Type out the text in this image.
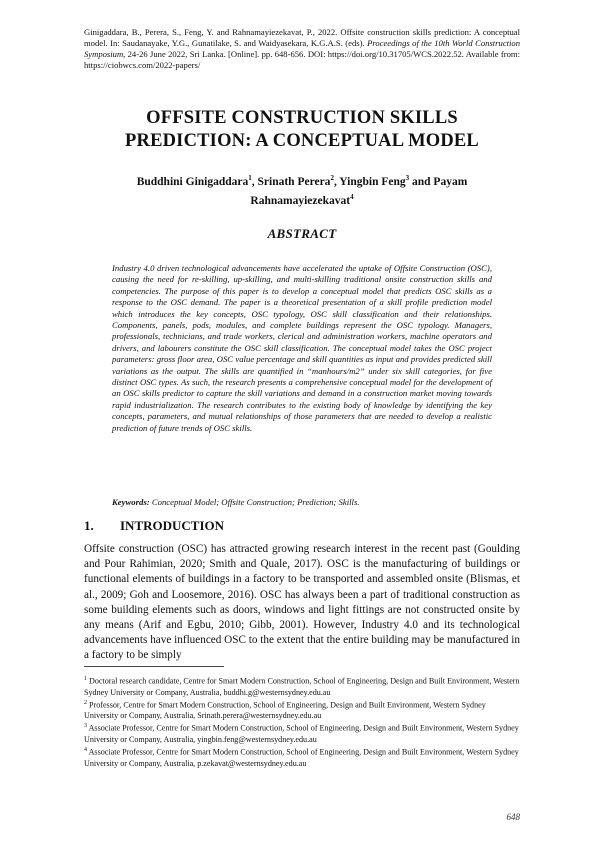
Ginigaddara, B., Perera, S., Feng, Y. and Rahnamayiezekavat, P., 2022. Offsite construction skills prediction: A conceptual model. In: Saudanayake, Y.G., Gunatilake, S. and Waidyasekara, K.G.A.S. (eds). Proceedings of the 10th World Construction Symposium, 24-26 June 2022, Sri Lanka. [Online]. pp. 648-656. DOI: https://doi.org/10.31705/WCS.2022.52. Available from: https://ciobwcs.com/2022-papers/
OFFSITE CONSTRUCTION SKILLS
PREDICTION: A CONCEPTUAL MODEL
Buddhini Ginigaddara$^1$, Srinath Perera$^2$, Yingbin Feng$^3$ and Payam Rahnamayiezekavat$^4$
ABSTRACT
Industry 4.0 driven technological advancements have accelerated the uptake of Offsite Construction (OSC), causing the need for re-skilling, up-skilling, and multi-skilling traditional onsite construction skills and competencies. The purpose of this paper is to develop a conceptual model that predicts OSC skills as a response to the OSC demand. The paper is a theoretical presentation of a skill profile prediction model which introduces the key concepts, OSC typology, OSC skill classification and their relationships. Components, panels, pods, modules, and complete buildings represent the OSC typology. Managers, professionals, technicians, and trade workers, clerical and administration workers, machine operators and drivers, and labourers constitute the OSC skill classification. The conceptual model takes the OSC project parameters: gross floor area, OSC value percentage and skill quantities as input and provides predicted skill variations as the output. The skills are quantified in “manhours/m2” under six skill categories, for five distinct OSC types. As such, the research presents a comprehensive conceptual model for the development of an OSC skills predictor to capture the skill variations and demand in a construction market moving towards rapid industrialization. The research contributes to the existing body of knowledge by identifying the key concepts, parameters, and mutual relationships of those parameters that are needed to develop a realistic prediction of future trends of OSC skills.
Keywords: Conceptual Model; Offsite Construction; Prediction; Skills.
1. INTRODUCTION
Offsite construction (OSC) has attracted growing research interest in the recent past (Goulding and Pour Rahimian, 2020; Smith and Quale, 2017). OSC is the manufacturing of buildings or functional elements of buildings in a factory to be transported and assembled onsite (Blismas, et al., 2009; Goh and Loosemore, 2016). OSC has always been a part of traditional construction as some building elements such as doors, windows and light fittings are not constructed onsite by any means (Arif and Egbu, 2010; Gibb, 2001). However, Industry 4.0 and its technological advancements have influenced OSC to the extent that the entire building may be manufactured in a factory to be simply

$^1$ Doctoral research candidate, Centre for Smart Modern Construction, School of Engineering, Design and Built Environment, Western Sydney University or Company, Australia, buddhi.g@westernsydney.edu.au

$^2$ Professor, Centre for Smart Modern Construction, School of Engineering, Design and Built Environment, Western Sydney University or Company, Australia, Srinath.perera@westernsydney.edu.au

$^3$ Associate Professor, Centre for Smart Modern Construction, School of Engineering, Design and Built Environment, Western Sydney University or Company, Australia, yingbin.feng@westernsydney.edu.au

$^4$ Associate Professor, Centre for Smart Modern Construction, School of Engineering, Design and Built Environment, Western Sydney University or Company, Australia, p.zekavat@westernsydney.edu.au

648
